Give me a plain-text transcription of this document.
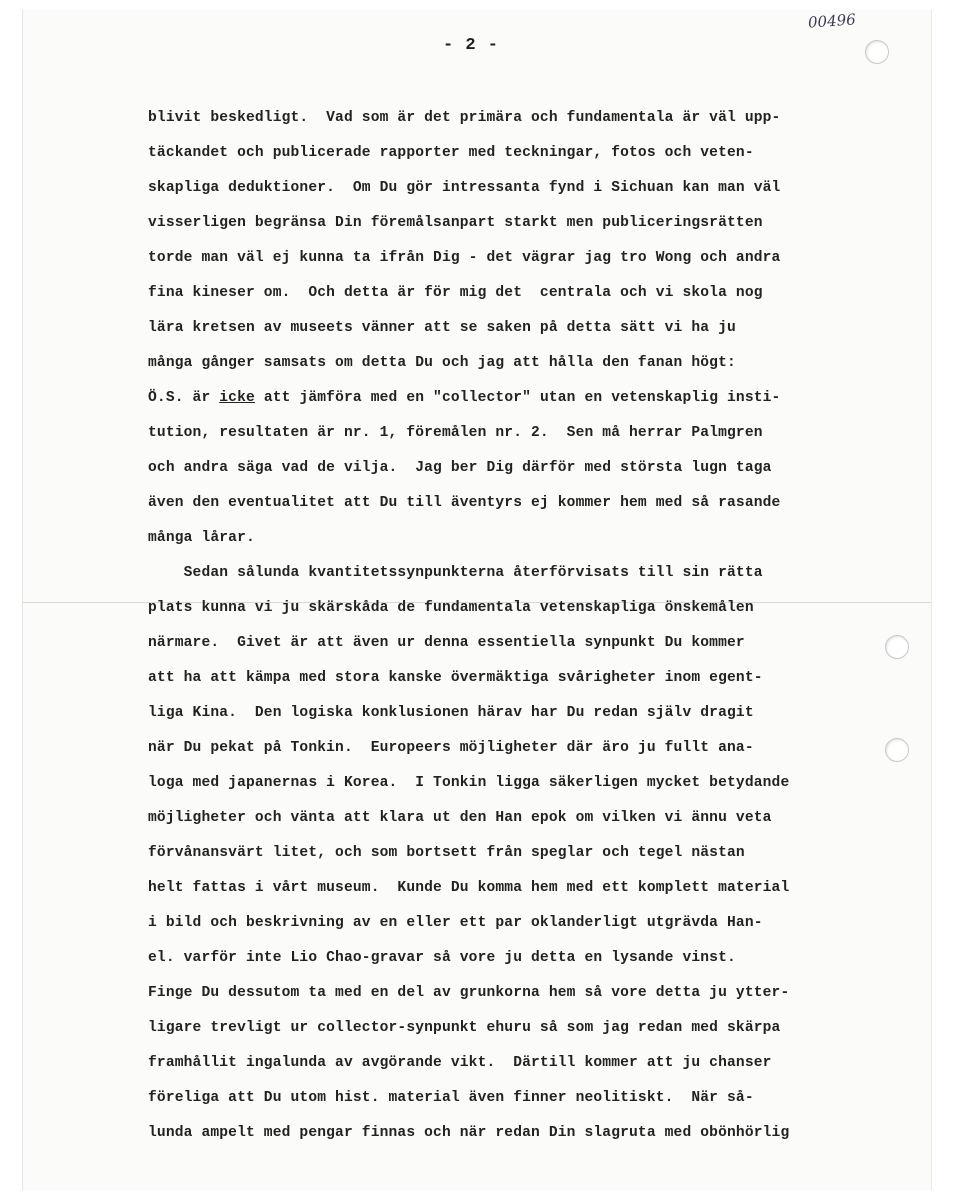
00496
- 2 -
blivit beskedligt.  Vad som är det primära och fundamentala är väl upp-
täckandet och publicerade rapporter med teckningar, fotos och veten-
skapliga deduktioner.  Om Du gör intressanta fynd i Sichuan kan man väl
visserligen begränsa Din föremålsanpart starkt men publiceringsrätten
torde man väl ej kunna ta ifrån Dig - det vägrar jag tro Wong och andra
fina kineser om.  Och detta är för mig det  centrala och vi skola nog
lära kretsen av museets vänner att se saken på detta sätt vi ha ju
många gånger samsats om detta Du och jag att hålla den fanan högt:
Ö.S. är icke att jämföra med en "collector" utan en vetenskaplig insti-
tution, resultaten är nr. 1, föremålen nr. 2.  Sen må herrar Palmgren
och andra säga vad de vilja.  Jag ber Dig därför med största lugn taga
även den eventualitet att Du till äventyrs ej kommer hem med så rasande
många lårar.
Sedan sålunda kvantitetssynpunkterna återförvisats till sin rätta
plats kunna vi ju skärskåda de fundamentala vetenskapliga önskemålen
närmare.  Givet är att även ur denna essentiella synpunkt Du kommer
att ha att kämpa med stora kanske övermäktiga svårigheter inom egent-
liga Kina.  Den logiska konklusionen härav har Du redan själv dragit
när Du pekat på Tonkin.  Europeers möjligheter där äro ju fullt ana-
loga med japanernas i Korea.  I Tonkin ligga säkerligen mycket betydande
möjligheter och vänta att klara ut den Han epok om vilken vi ännu veta
förvånansvärt litet, och som bortsett från speglar och tegel nästan
helt fattas i vårt museum.  Kunde Du komma hem med ett komplett material
i bild och beskrivning av en eller ett par oklanderligt utgrävda Han-
el. varför inte Lio Chao-gravar så vore ju detta en lysande vinst.
Finge Du dessutom ta med en del av grunkorna hem så vore detta ju ytter-
ligare trevligt ur collector-synpunkt ehuru så som jag redan med skärpa
framhållit ingalunda av avgörande vikt.  Därtill kommer att ju chanser
föreliga att Du utom hist. material även finner neolitiskt.  När så-
lunda ampelt med pengar finnas och när redan Din slagruta med obönhörlig
